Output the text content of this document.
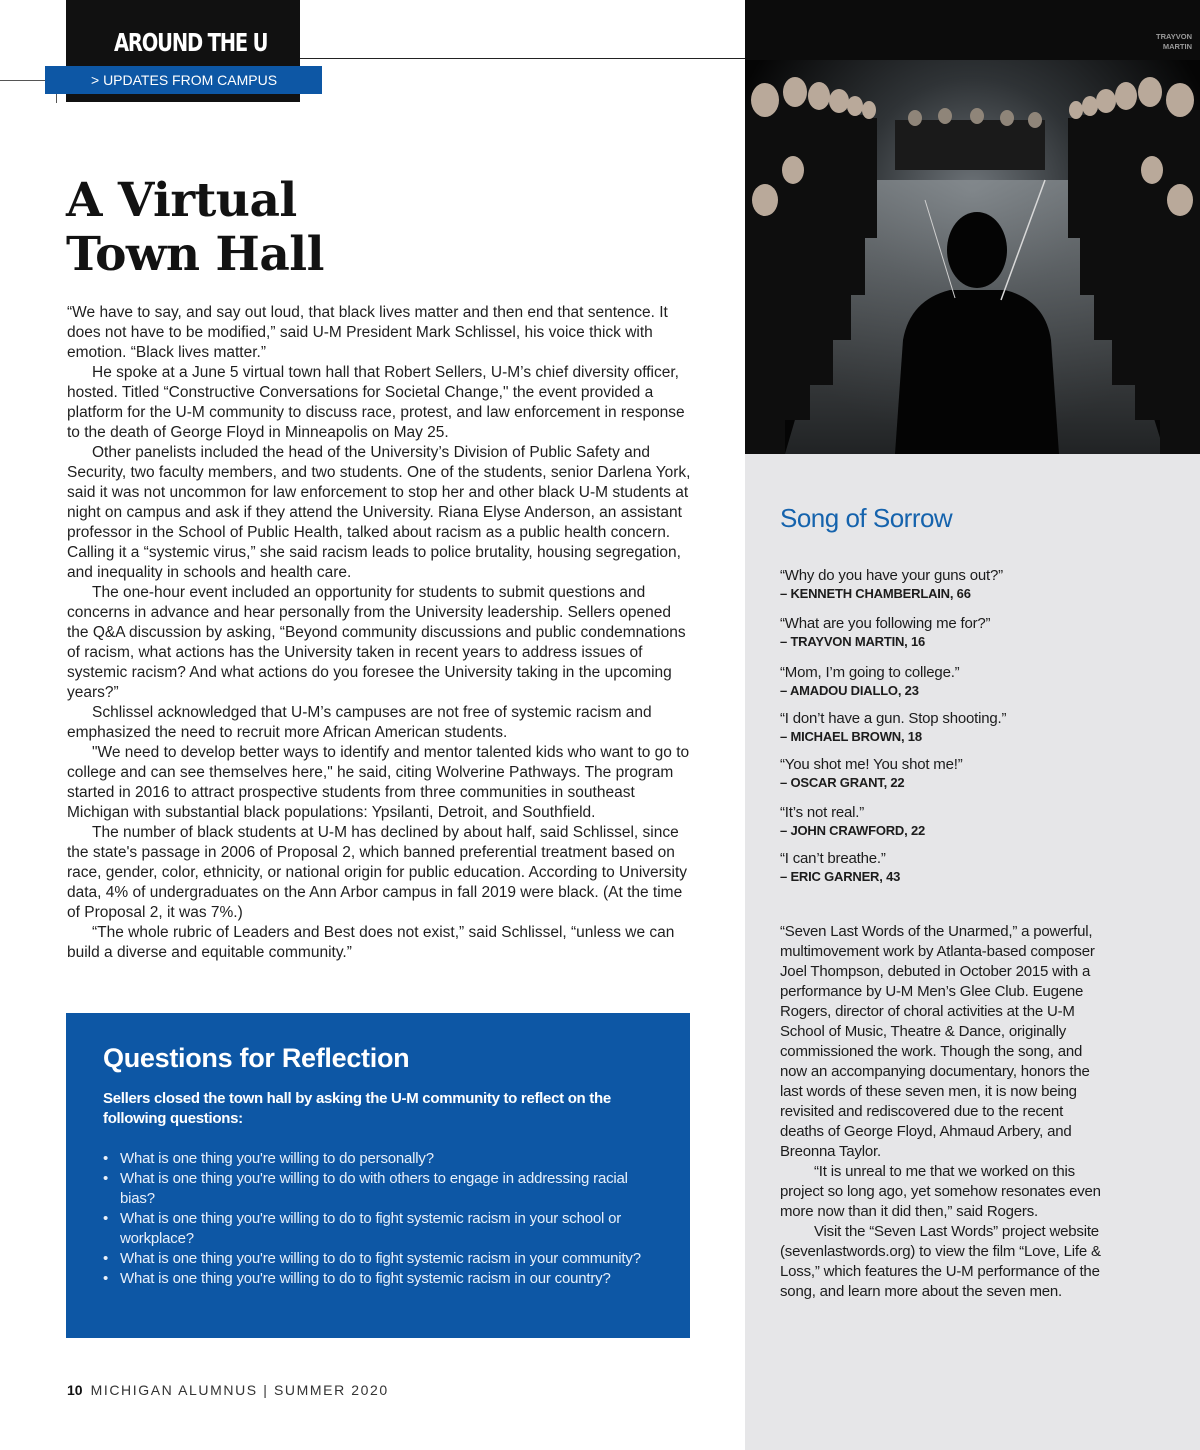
AROUND THE U
> UPDATES FROM CAMPUS
A Virtual
Town Hall

“We have to say, and say out loud, that black lives matter and then end that sentence. It does not have to be modified,” said U-M President Mark Schlissel, his voice thick with emotion. “Black lives matter.”

He spoke at a June 5 virtual town hall that Robert Sellers, U-M’s chief diversity officer, hosted. Titled “Constructive Conversations for Societal Change," the event provided a platform for the U-M community to discuss race, protest, and law enforcement in response to the death of George Floyd in Minneapolis on May 25.

Other panelists included the head of the University’s Division of Public Safety and Security, two faculty members, and two students. One of the students, senior Darlena York, said it was not uncommon for law enforcement to stop her and other black U-M students at night on campus and ask if they attend the University. Riana Elyse Anderson, an assistant professor in the School of Public Health, talked about racism as a public health concern. Calling it a “systemic virus,” she said racism leads to police brutality, housing segregation, and inequality in schools and health care.

The one-hour event included an opportunity for students to submit questions and concerns in advance and hear personally from the University leadership. Sellers opened the Q&A discussion by asking, “Beyond community discussions and public condemnations of racism, what actions has the University taken in recent years to address issues of systemic racism? And what actions do you foresee the University taking in the upcoming years?”

Schlissel acknowledged that U-M’s campuses are not free of systemic racism and emphasized the need to recruit more African American students.

"We need to develop better ways to identify and mentor talented kids who want to go to college and can see themselves here," he said, citing Wolverine Pathways. The program started in 2016 to attract prospective students from three communities in southeast Michigan with substantial black populations: Ypsilanti, Detroit, and Southfield.

The number of black students at U-M has declined by about half, said Schlissel, since the state's passage in 2006 of Proposal 2, which banned preferential treatment based on race, gender, color, ethnicity, or national origin for public education. According to University data, 4% of undergraduates on the Ann Arbor campus in fall 2019 were black. (At the time of Proposal 2, it was 7%.)

“The whole rubric of Leaders and Best does not exist,” said Schlissel, “unless we can build a diverse and equitable community.”

Questions for Reflection

Sellers closed the town hall by asking the U-M community to reflect on the following questions:

• What is one thing you're willing to do personally?
• What is one thing you're willing to do with others to engage in addressing racial bias?
• What is one thing you're willing to do to fight systemic racism in your school or workplace?
• What is one thing you're willing to do to fight systemic racism in your community?
• What is one thing you're willing to do to fight systemic racism in our country?
10 MICHIGAN ALUMNUS | SUMMER 2020
TRAYVON
MARTIN
Song of Sorrow
“Why do you have your guns out?”
– KENNETH CHAMBERLAIN, 66
“What are you following me for?”
– TRAYVON MARTIN, 16
“Mom, I’m going to college.”
– AMADOU DIALLO, 23
“I don’t have a gun. Stop shooting.”
– MICHAEL BROWN, 18
“You shot me! You shot me!”
– OSCAR GRANT, 22
“It’s not real.”
– JOHN CRAWFORD, 22
“I can’t breathe.”
– ERIC GARNER, 43

“Seven Last Words of the Unarmed,” a powerful, multimovement work by Atlanta-based composer Joel Thompson, debuted in October 2015 with a performance by U-M Men’s Glee Club. Eugene Rogers, director of choral activities at the U-M School of Music, Theatre & Dance, originally commissioned the work. Though the song, and now an accompanying documentary, honors the last words of these seven men, it is now being revisited and rediscovered due to the recent deaths of George Floyd, Ahmaud Arbery, and Breonna Taylor.

“It is unreal to me that we worked on this project so long ago, yet somehow resonates even more now than it did then,” said Rogers.

Visit the “Seven Last Words” project website (sevenlastwords.org) to view the film “Love, Life & Loss,” which features the U-M performance of the song, and learn more about the seven men.
